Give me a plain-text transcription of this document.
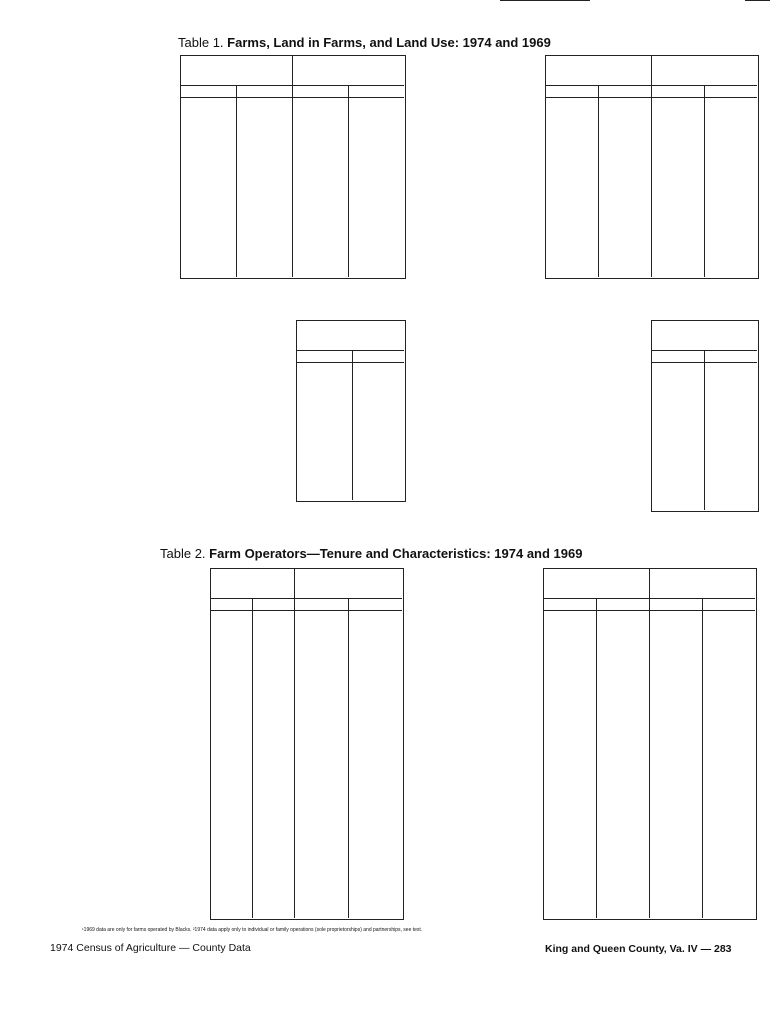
Table 1. Farms, Land in Farms, and Land Use: 1974 and 1969
Table 2. Farm Operators—Tenure and Characteristics: 1974 and 1969
¹1969 data are only for farms operated by Blacks. ²1974 data apply only to individual or family operations (sole proprietorships) and partnerships, see text.
1974 Census of Agriculture — County Data	King and Queen County, Va. IV — 283
